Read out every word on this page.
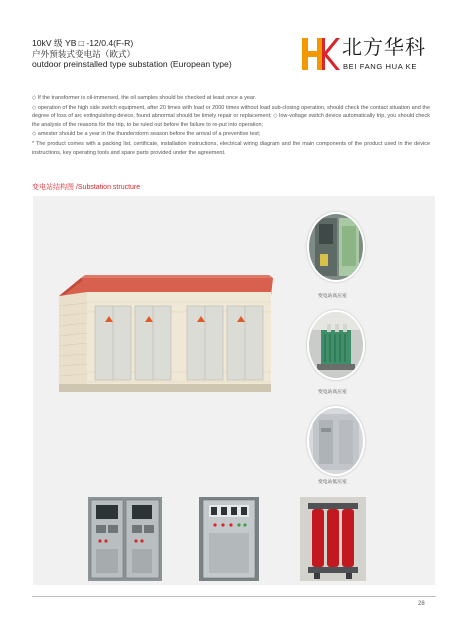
10kV 级 YB □ -12/0.4(F-R)
户外预装式变电站（欧式）
outdoor preinstalled type substation (European type)
北方华科
BEI FANG HUA KE

◇ If the transformer is oil-immersed, the oil samples should be checked at least once a year.

◇ operation of the high side switch equipment, after 20 times with load or 2000 times without load sub-closing operation, should check the contact situation and the degree of loss of arc extinguishing device, found abnormal should be timely repair or replacement; ◇ low-voltage switch device automatically trip, you should check the analysis of the reasons for the trip, to be ruled out before the failure to re-put into operation;

◇ amester should be a year in the thunderstorm season before the arrival of a preventive test;

* The product comes with a packing list, certificate, installation instructions, electrical wiring diagram and the main components of the product used in the device instructions, key operating tools and spare parts provided under the agreement.

变电站结构图 /Substation structure
变电站高压室
变电站高压室
变电站低压室
28
